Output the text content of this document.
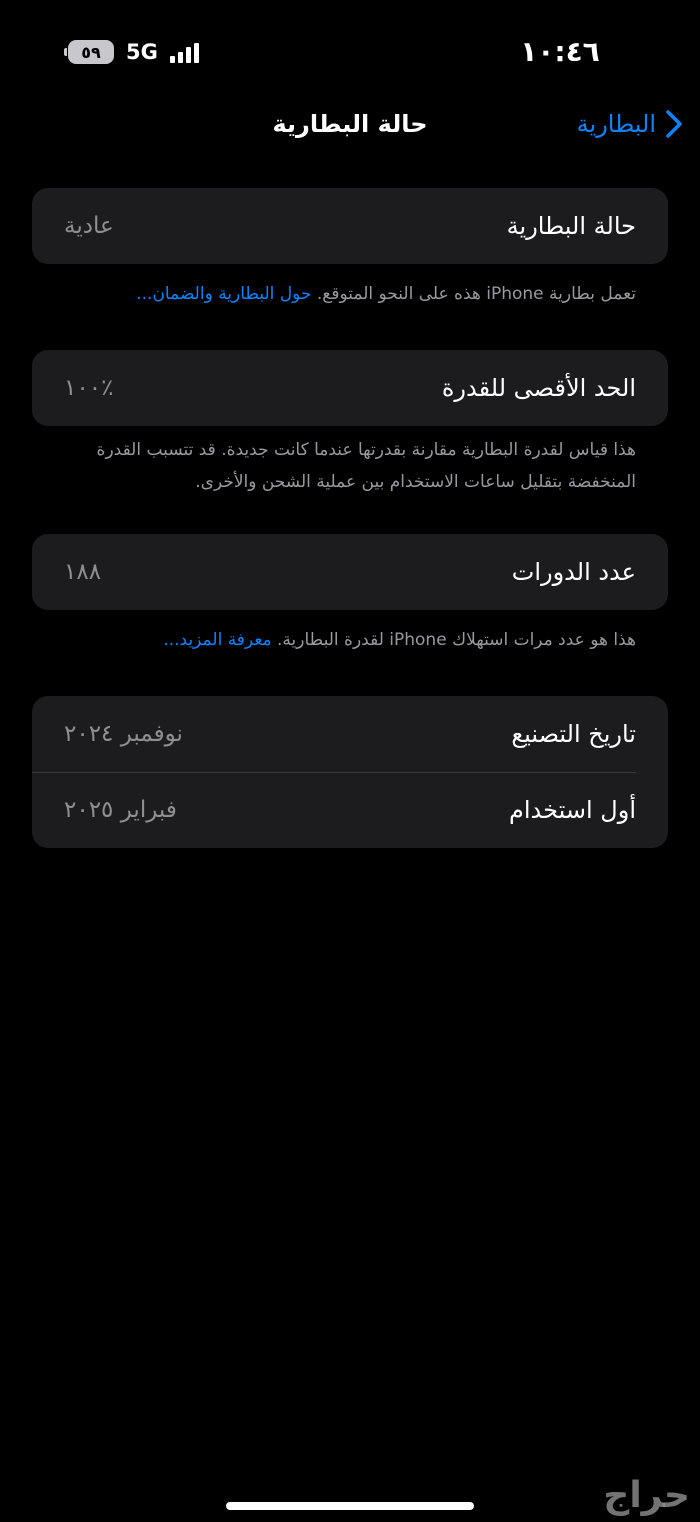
٥٩ 5G	١٠:٤٦
حالة البطارية	البطارية
حالة البطارية
عادية
تعمل بطارية iPhone هذه على النحو المتوقع. حول البطارية والضمان...
الحد الأقصى للقدرة
٪١٠٠
هذا قياس لقدرة البطارية مقارنة بقدرتها عندما كانت جديدة. قد تتسبب القدرة المنخفضة بتقليل ساعات الاستخدام بين عملية الشحن والأخرى.
عدد الدورات
١٨٨
هذا هو عدد مرات استهلاك iPhone لقدرة البطارية. معرفة المزيد...
تاريخ التصنيع
نوفمبر ٢٠٢٤
أول استخدام
فبراير ٢٠٢٥
حراج
